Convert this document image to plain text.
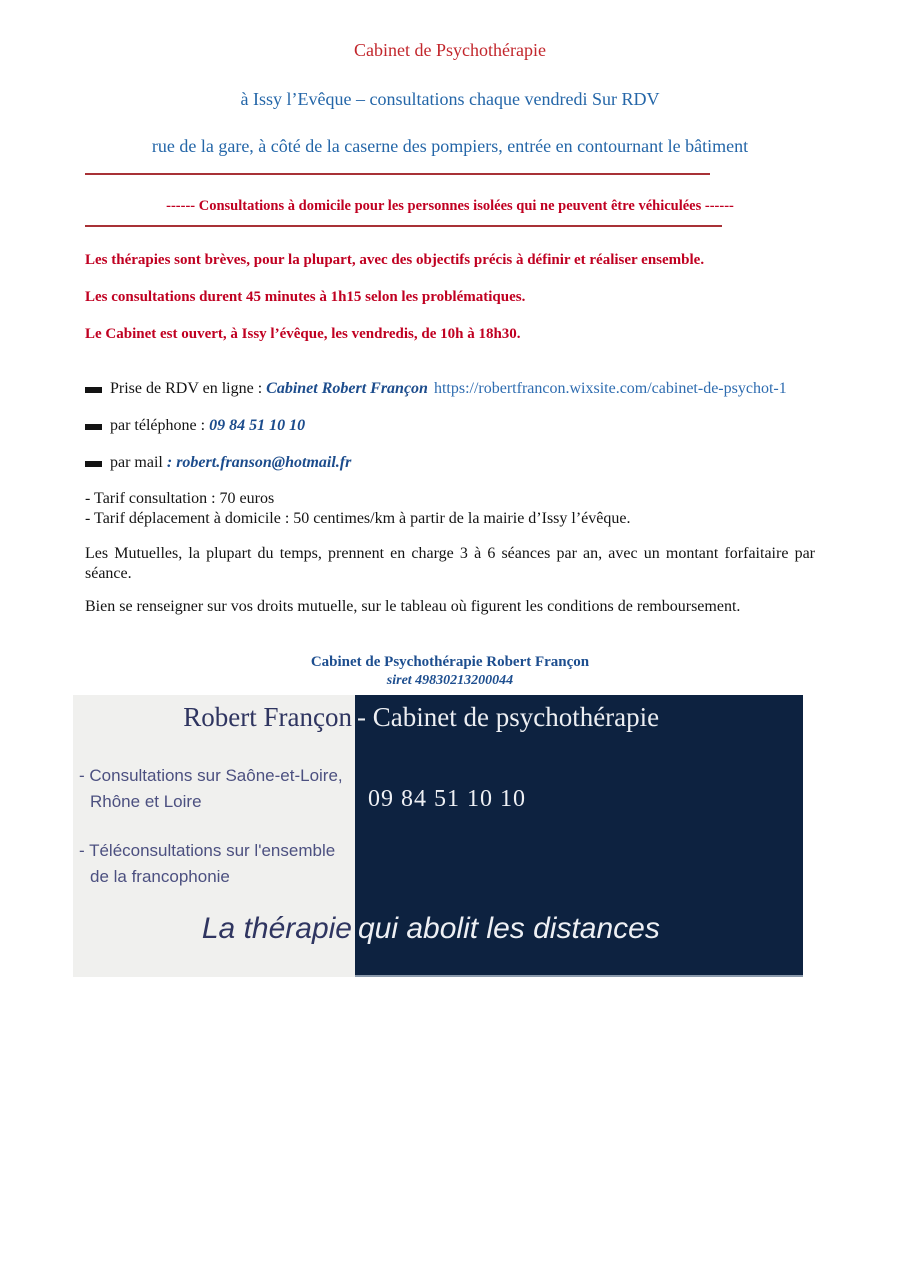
Cabinet de Psychothérapie
à Issy l’Evêque – consultations chaque vendredi Sur RDV
rue de la gare, à côté de la caserne des pompiers, entrée en contournant le bâtiment
------ Consultations à domicile pour les personnes isolées qui ne peuvent être véhiculées ------
Les thérapies sont brèves, pour la plupart, avec des objectifs précis à définir et réaliser ensemble.
Les consultations durent 45 minutes à 1h15 selon les problématiques.
Le Cabinet est ouvert, à Issy l’évêque, les vendredis, de 10h à 18h30.
Prise de RDV en ligne : Cabinet Robert Françon https://robertfrancon.wixsite.com/cabinet-de-psychot-1
par téléphone : 09 84 51 10 10
par mail : robert.franson@hotmail.fr
- Tarif consultation : 70 euros
- Tarif déplacement à domicile : 50 centimes/km à partir de la mairie d’Issy l’évêque.
Les Mutuelles, la plupart du temps, prennent en charge 3 à 6 séances par an, avec un montant forfaitaire par séance.
Bien se renseigner sur vos droits mutuelle, sur le tableau où figurent les conditions de remboursement.
Cabinet de Psychothérapie Robert Françon
siret 49830213200044
Robert Françon - Cabinet de psychothérapie
- Consultations sur Saône-et-Loire,
Rhône et Loire
- Téléconsultations sur l'ensemble
de la francophonie
09 84 51 10 10
La thérapie qui abolit les distances
